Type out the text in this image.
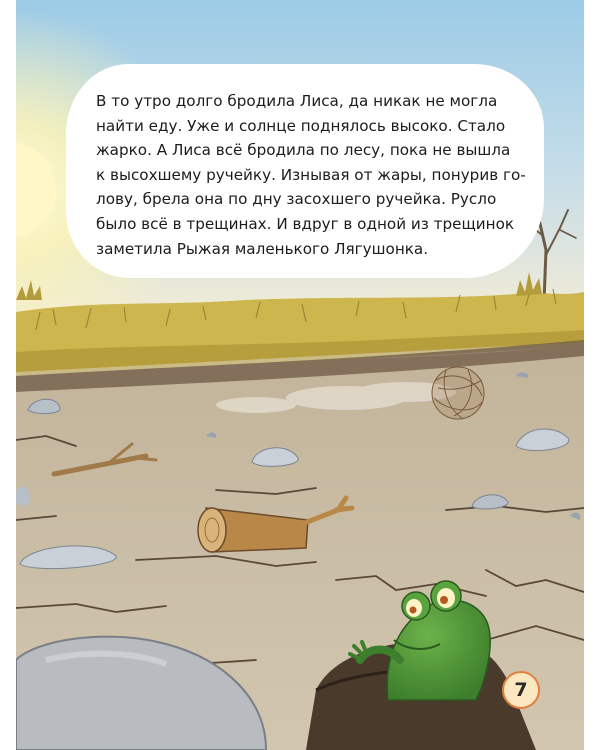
В то утро долго бродила Лиса, да никак не могла
найти еду. Уже и солнце поднялось высоко. Стало
жарко. А Лиса всё бродила по лесу, пока не вышла
к высохшему ручейку. Изнывая от жары, понурив го-
лову, брела она по дну засохшего ручейка. Русло
было всё в трещинах. И вдруг в одной из трещинок
заметила Рыжая маленького Лягушонка.

7
